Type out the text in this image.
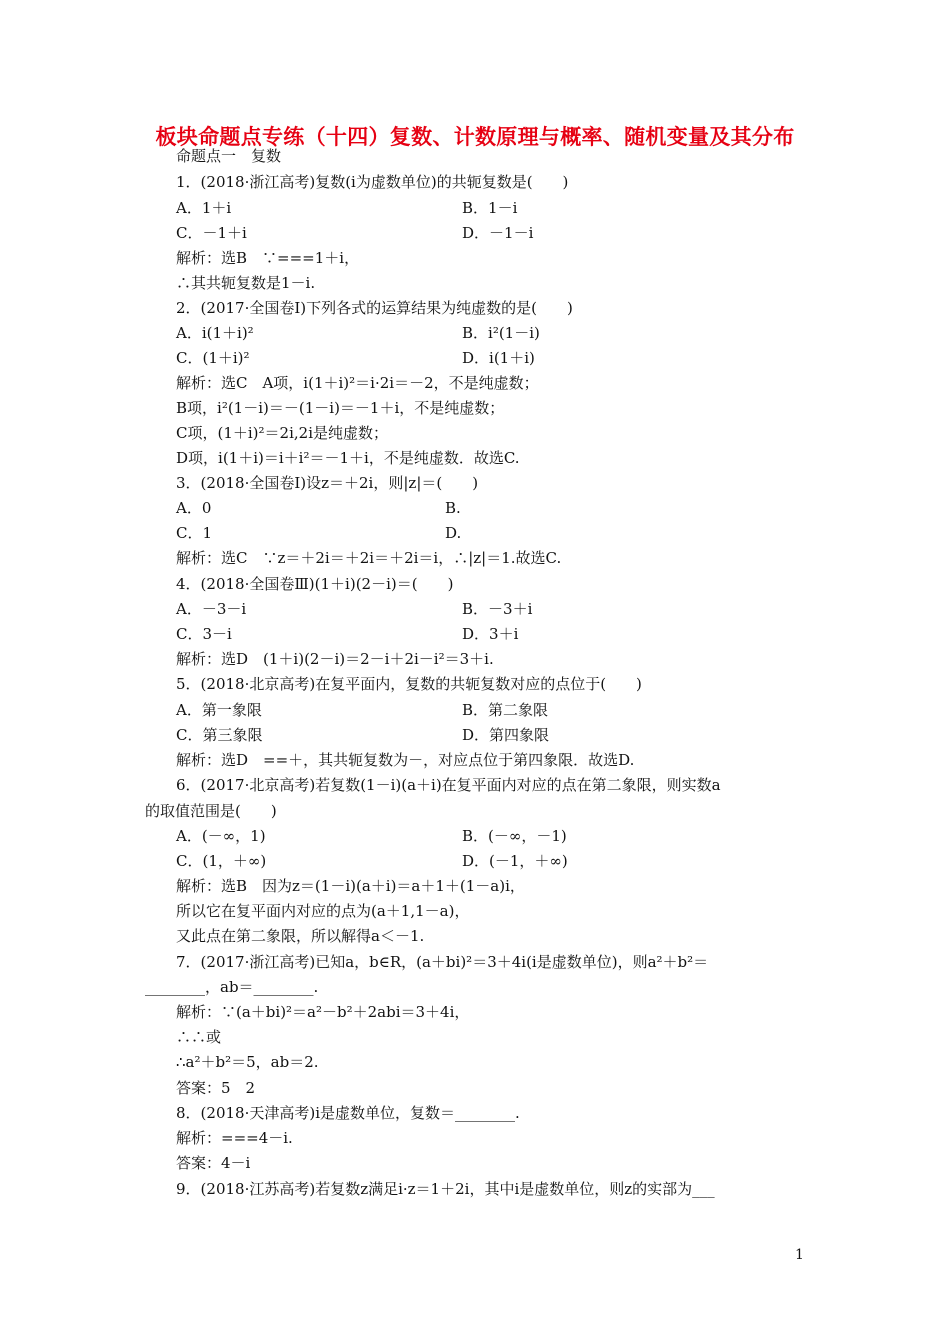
板块命题点专练（十四）复数、计数原理与概率、随机变量及其分布
命题点一　复数
1．(2018·浙江高考)复数(i为虚数单位)的共轭复数是(　　)
A．1＋i	B．1－i
C．－1＋i	D．－1－i
解析：选B　∵===1＋i，
∴其共轭复数是1－i.
2．(2017·全国卷Ⅰ)下列各式的运算结果为纯虚数的是(　　)
A．i(1＋i)²	B．i²(1－i)
C．(1＋i)²	D．i(1＋i)
解析：选C　A项，i(1＋i)²＝i·2i＝－2，不是纯虚数；
B项，i²(1－i)＝－(1－i)＝－1＋i，不是纯虚数；
C项，(1＋i)²＝2i,2i是纯虚数；
D项，i(1＋i)＝i＋i²＝－1＋i，不是纯虚数．故选C.
3．(2018·全国卷Ⅰ)设z＝＋2i，则|z|＝(　　)
A．0	B.
C．1	D.
解析：选C　∵z＝＋2i＝＋2i＝＋2i＝i，∴|z|＝1.故选C.
4．(2018·全国卷Ⅲ)(1＋i)(2－i)＝(　　)
A．－3－i	B．－3＋i
C．3－i	D．3＋i
解析：选D　(1＋i)(2－i)＝2－i＋2i－i²＝3＋i.
5．(2018·北京高考)在复平面内，复数的共轭复数对应的点位于(　　)
A．第一象限	B．第二象限
C．第三象限	D．第四象限
解析：选D　==＋，其共轭复数为－，对应点位于第四象限．故选D.
6．(2017·北京高考)若复数(1－i)(a＋i)在复平面内对应的点在第二象限，则实数a
的取值范围是(　　)
A．(－∞，1)	B．(－∞，－1)
C．(1，＋∞)	D．(－1，＋∞)
解析：选B　因为z＝(1－i)(a＋i)＝a＋1＋(1－a)i，
所以它在复平面内对应的点为(a＋1,1－a)，
又此点在第二象限，所以解得a＜－1.
7．(2017·浙江高考)已知a，b∈R，(a＋bi)²＝3＋4i(i是虚数单位)，则a²＋b²＝
________，ab＝________.
解析：∵(a＋bi)²＝a²－b²＋2abi＝3＋4i，
∴∴或
∴a²＋b²＝5，ab＝2.
答案：5　2
8．(2018·天津高考)i是虚数单位，复数＝________.
解析：===4－i.
答案：4－i
9．(2018·江苏高考)若复数z满足i·z＝1＋2i，其中i是虚数单位，则z的实部为___
1
